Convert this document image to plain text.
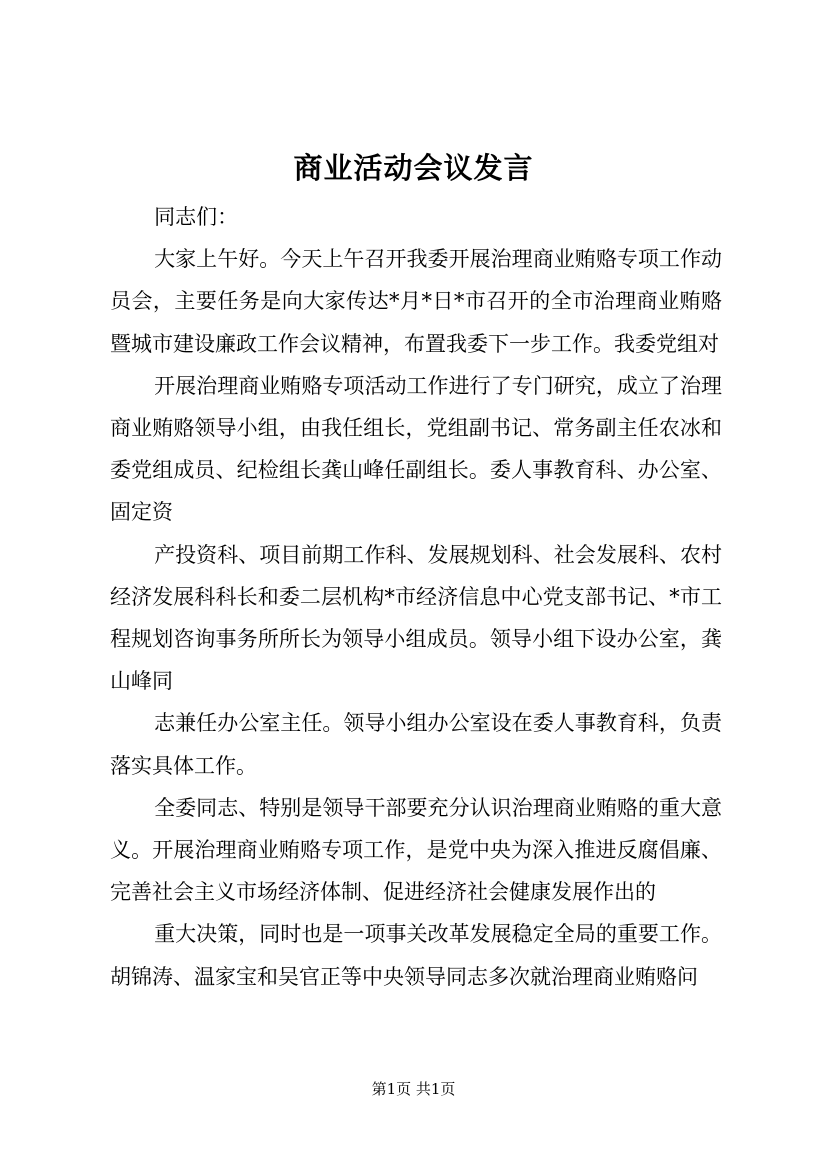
商业活动会议发言

同志们：

大家上午好。今天上午召开我委开展治理商业贿赂专项工作动员会，主要任务是向大家传达*月*日*市召开的全市治理商业贿赂暨城市建设廉政工作会议精神，布置我委下一步工作。我委党组对

开展治理商业贿赂专项活动工作进行了专门研究，成立了治理商业贿赂领导小组，由我任组长，党组副书记、常务副主任农冰和委党组成员、纪检组长龚山峰任副组长。委人事教育科、办公室、固定资

产投资科、项目前期工作科、发展规划科、社会发展科、农村经济发展科科长和委二层机构*市经济信息中心党支部书记、*市工程规划咨询事务所所长为领导小组成员。领导小组下设办公室，龚山峰同

志兼任办公室主任。领导小组办公室设在委人事教育科，负责落实具体工作。

全委同志、特别是领导干部要充分认识治理商业贿赂的重大意义。开展治理商业贿赂专项工作，是党中央为深入推进反腐倡廉、完善社会主义市场经济体制、促进经济社会健康发展作出的

重大决策，同时也是一项事关改革发展稳定全局的重要工作。胡锦涛、温家宝和吴官正等中央领导同志多次就治理商业贿赂问

第1页 共1页
